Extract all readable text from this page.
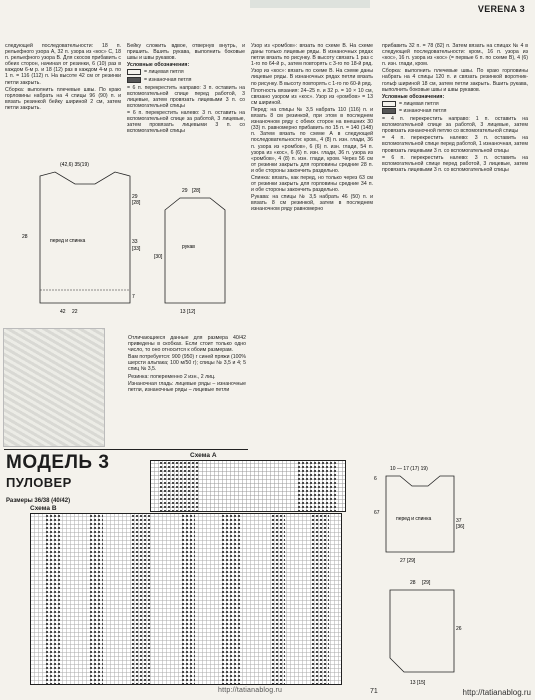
VERENA 3

следующей последовательности: 18 п. рельефного узора А, 32 п. узора из «кос» С, 18 п. рельефного узора В. Для скосов прибавить с обеих сторон, начиная от резинки, 6 (10) раз в каждом 6-м р. и 18 (12) раз в каждом 4-м р. по 1 п. = 116 (112) п. На высоте 42 см от резинки петли закрыть.

Сборка: выполнить плечевые швы. По краю горловины набрать на 4 спицы 96 (90) п. и вязать резинкой бейку шириной 2 см, затем петли закрыть.

Бейку сложить вдвое, отвернув внутрь, и пришить. Вшить рукава, выполнить боковые швы и швы рукавов.

Условные обозначения:

= лицевая петля
= изнаночная петля

= 6 п. перекрестить направо: 3 п. оставить на вспомогательной спице перед работой, 3 лицевые, затем провязать лицевыми 3 п. со вспомогательной спицы

= 6 п. перекрестить налево: 3 п. оставить на вспомогательной спице за работой, 3 лицевые, затем провязать лицевыми 3 п. со вспомогательной спицы

Узор из «ромбов»: вязать по схеме В. На схеме даны только лицевые ряды. В изнаночных рядах петли вязать по рисунку. В высоту связать 1 раз с 1-го по 64-й р., затем повторять с 3-го по 18-й ряд.

Узор из «кос»: вязать по схеме В. На схеме даны лицевые ряды. В изнаночных рядах петли вязать по рисунку. В высоту повторять с 1-го по 60-й ряд.

Плотность вязания: 24–25 п. и 32 р. = 10 × 10 см, связано узором из «кос». Узор из «ромбов» = 13 см шириной.

Перед: на спицы № 3,5 набрать 110 (116) п. и вязать 8 см резинкой, при этом в последнем изнаночном ряду с обеих сторон на внешних 30 (33) п. равномерно прибавить по 15 п. = 140 (148) п. Затем вязать по схеме А в следующей последовательности: кром., 4 (8) п. изн. глади, 36 п. узора из «ромбов», 6 (6) п. изн. глади, 54 п. узора из «кос», 6 (6) п. изн. глади, 36 п. узора из «ромбов», 4 (8) п. изн. глади, кром. Через 56 см от резинки закрыть для горловины средние 28 п. и обе стороны закончить раздельно.

Спинка: вязать, как перед, но только через 63 см от резинки закрыть для горловины средние 34 п. и обе стороны закончить раздельно.

Рукава: на спицы № 3,5 набрать 46 (50) п. и вязать 8 см резинкой, затем в последнем изнаночном ряду равномерно

прибавить 32 п. = 78 (82) п. Затем вязать на спицах № 4 в следующей последовательности: кром., 16 п. узора из «кос», 16 п. узора из «кос» (= первые 6 п. по схеме В), 4 (6) п. изн. глади, кром.

Сборка: выполнить плечевые швы. По краю горловины набрать на 4 спицы 120 п. и связать резинкой воротник-гольф шириной 18 см, затем петли закрыть. Вшить рукава, выполнить боковые швы и швы рукавов.

Условные обозначения:

= лицевая петля
= изнаночная петля

= 4 п. перекрестить направо: 1 п. оставить на вспомогательной спице за работой, 3 лицевые, затем провязать изнаночной петлю со вспомогательной спицы

= 4 п. перекрестить налево: 3 п. оставить на вспомогательной спице перед работой, 1 изнаночная, затем провязать лицевыми 3 п. со вспомогательной спицы

= 6 п. перекрестить налево: 3 п. оставить на вспомогательной спице перед работой, 3 лицевые, затем провязать лицевыми 3 п. со вспомогательной спицы

(42,6) 35(19)
перед и спинка
29
[28]
33
[33]
28
7
42 22
рукав
29 [28]
[30]
13 [12]

Отличающиеся данные для размера 40/42 приведены в скобках. Если стоит только одно число, то оно относится к обоим размерам.

Вам потребуется: 900 (950) г синей пряжи (100% шерсти альпака; 100 м/50 г); спицы № 3,5 и 4; 5 спиц № 3,5.

Резинка: попеременно 2 изн., 2 лиц.

Изнаночная гладь: лицевые ряды – изнаночные петли, изнаночные ряды – лицевые петли

МОДЕЛЬ 3
ПУЛОВЕР
Размеры 36/38 (40/42)
Схема А
Схема В
10 — 17 (17) 19)
перед и спинка
6
67
37
[36]
27 [29]
28 [29]
26
13 [15]
http://tatianablog.ru	http://tatianablog.ru
71
